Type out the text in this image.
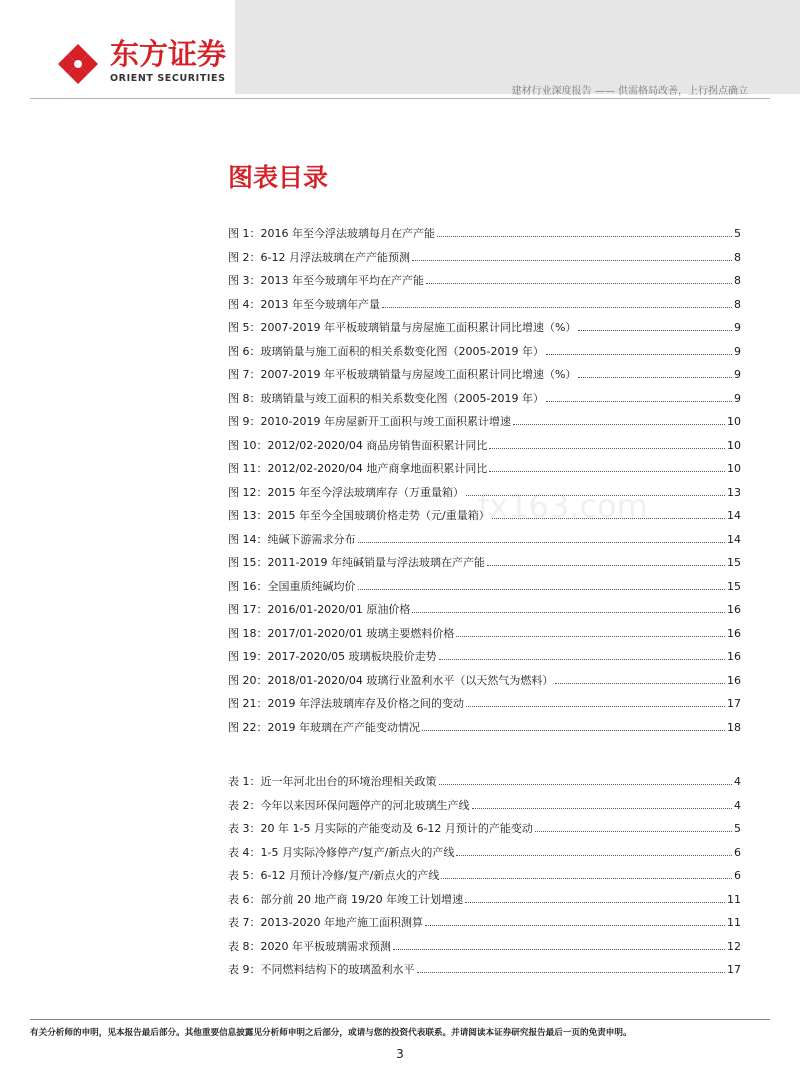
东方证券
ORIENT SECURITIES
建材行业深度报告 —— 供需格局改善，上行拐点确立
图表目录
fx163.com
图 1：2016 年至今浮法玻璃每月在产产能	5
图 2：6-12 月浮法玻璃在产产能预测	8
图 3：2013 年至今玻璃年平均在产产能	8
图 4：2013 年至今玻璃年产量	8
图 5：2007-2019 年平板玻璃销量与房屋施工面积累计同比增速（%）	9
图 6：玻璃销量与施工面积的相关系数变化图（2005-2019 年）	9
图 7：2007-2019 年平板玻璃销量与房屋竣工面积累计同比增速（%）	9
图 8：玻璃销量与竣工面积的相关系数变化图（2005-2019 年）	9
图 9：2010-2019 年房屋新开工面积与竣工面积累计增速	10
图 10：2012/02-2020/04 商品房销售面积累计同比	10
图 11：2012/02-2020/04 地产商拿地面积累计同比	10
图 12：2015 年至今浮法玻璃库存（万重量箱）	13
图 13：2015 年至今全国玻璃价格走势（元/重量箱）	14
图 14：纯碱下游需求分布	14
图 15：2011-2019 年纯碱销量与浮法玻璃在产产能	15
图 16：全国重质纯碱均价	15
图 17：2016/01-2020/01 原油价格	16
图 18：2017/01-2020/01 玻璃主要燃料价格	16
图 19：2017-2020/05 玻璃板块股价走势	16
图 20：2018/01-2020/04 玻璃行业盈利水平（以天然气为燃料）	16
图 21：2019 年浮法玻璃库存及价格之间的变动	17
图 22：2019 年玻璃在产产能变动情况	18
表 1：近一年河北出台的环境治理相关政策	4
表 2：今年以来因环保问题停产的河北玻璃生产线	4
表 3：20 年 1-5 月实际的产能变动及 6-12 月预计的产能变动	5
表 4：1-5 月实际冷修停产/复产/新点火的产线	6
表 5：6-12 月预计冷修/复产/新点火的产线	6
表 6：部分前 20 地产商 19/20 年竣工计划增速	11
表 7：2013-2020 年地产施工面积测算	11
表 8：2020 年平板玻璃需求预测	12
表 9：不同燃料结构下的玻璃盈利水平	17
有关分析师的申明，见本报告最后部分。其他重要信息披露见分析师申明之后部分，或请与您的投资代表联系。并请阅读本证券研究报告最后一页的免责申明。
3
